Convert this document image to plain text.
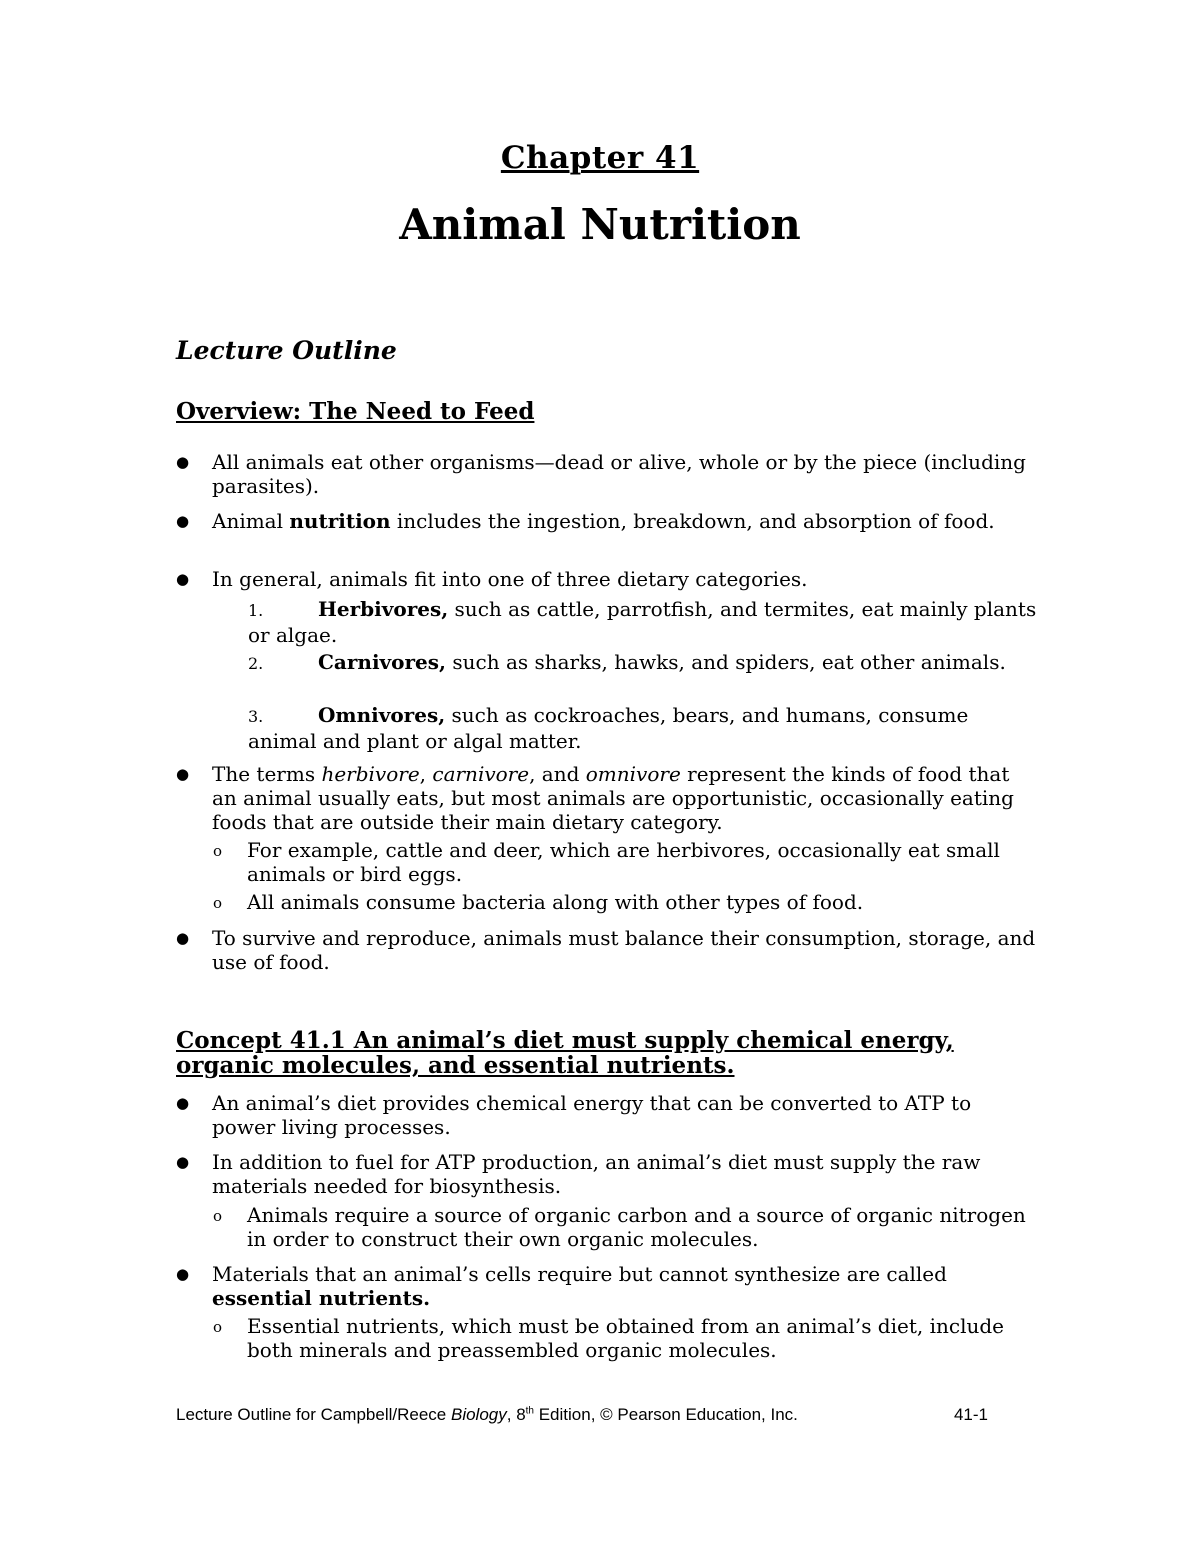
Chapter 41
Animal Nutrition
Lecture Outline
Overview: The Need to Feed
● All animals eat other organisms—dead or alive, whole or by the piece (including parasites).
● Animal nutrition includes the ingestion, breakdown, and absorption of food.
● In general, animals fit into one of three dietary categories.
1.	Herbivores, such as cattle, parrotfish, and termites, eat mainly plants or algae.
2.	Carnivores, such as sharks, hawks, and spiders, eat other animals.
3.	Omnivores, such as cockroaches, bears, and humans, consume animal and plant or algal matter.
● The terms herbivore, carnivore, and omnivore represent the kinds of food that an animal usually eats, but most animals are opportunistic, occasionally eating foods that are outside their main dietary category.
o For example, cattle and deer, which are herbivores, occasionally eat small animals or bird eggs.
o All animals consume bacteria along with other types of food.
● To survive and reproduce, animals must balance their consumption, storage, and use of food.
Concept 41.1 An animal’s diet must supply chemical energy, organic molecules, and essential nutrients.
● An animal’s diet provides chemical energy that can be converted to ATP to power living processes.
● In addition to fuel for ATP production, an animal’s diet must supply the raw materials needed for biosynthesis.
o Animals require a source of organic carbon and a source of organic nitrogen in order to construct their own organic molecules.
● Materials that an animal’s cells require but cannot synthesize are called essential nutrients.
o Essential nutrients, which must be obtained from an animal’s diet, include both minerals and preassembled organic molecules.
Lecture Outline for Campbell/Reece Biology, 8th Edition, © Pearson Education, Inc.	41-1
